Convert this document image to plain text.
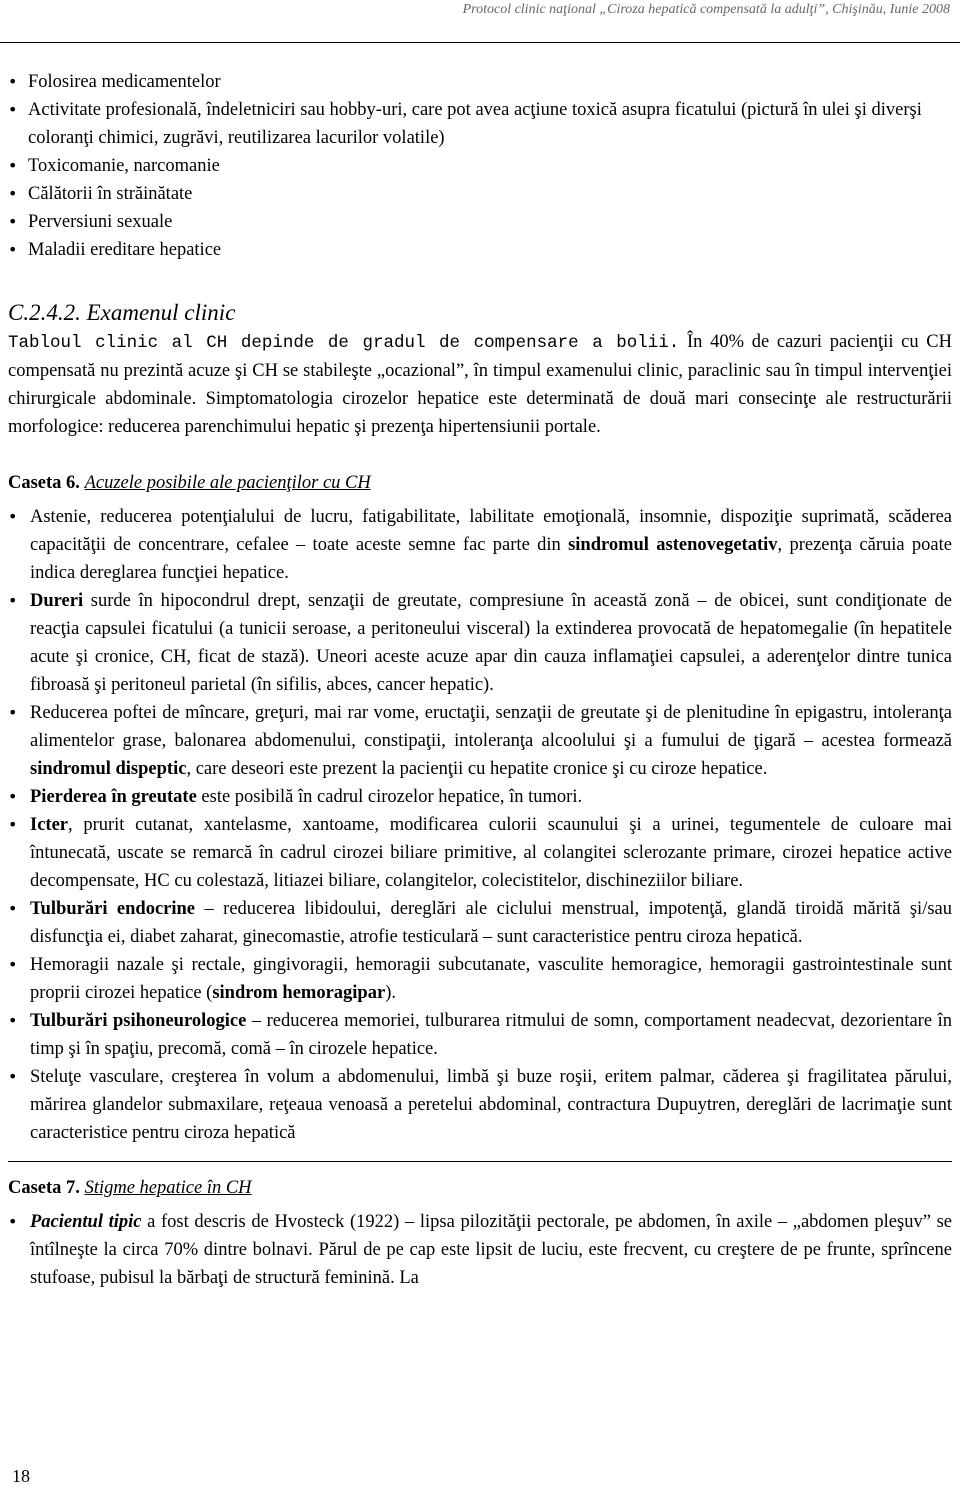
Protocol clinic naţional „Ciroza hepatică compensată la adulţi”, Chişinău, Iunie 2008
• Folosirea medicamentelor
• Activitate profesională, îndeletniciri sau hobby-uri, care pot avea acţiune toxică asupra ficatului (pictură în ulei şi diverşi coloranţi chimici, zugrăvi, reutilizarea lacurilor volatile)
• Toxicomanie, narcomanie
• Călătorii în străinătate
• Perversiuni sexuale
• Maladii ereditare hepatice
C.2.4.2. Examenul clinic

Tabloul clinic al CH depinde de gradul de compensare a bolii. În 40% de cazuri pacienţii cu CH compensată nu prezintă acuze şi CH se stabileşte „ocazional”, în timpul examenului clinic, paraclinic sau în timpul intervenţiei chirurgicale abdominale. Simptomatologia cirozelor hepatice este determinată de două mari consecinţe ale restructurării morfologice: reducerea parenchimului hepatic şi prezenţa hipertensiunii portale.

Caseta 6. Acuzele posibile ale pacienţilor cu CH
• Astenie, reducerea potenţialului de lucru, fatigabilitate, labilitate emoţională, insomnie, dispoziţie suprimată, scăderea capacităţii de concentrare, cefalee – toate aceste semne fac parte din sindromul astenovegetativ, prezenţa căruia poate indica dereglarea funcţiei hepatice.
• Dureri surde în hipocondrul drept, senzaţii de greutate, compresiune în această zonă – de obicei, sunt condiţionate de reacţia capsulei ficatului (a tunicii seroase, a peritoneului visceral) la extinderea provocată de hepatomegalie (în hepatitele acute şi cronice, CH, ficat de stază). Uneori aceste acuze apar din cauza inflamaţiei capsulei, a aderenţelor dintre tunica fibroasă şi peritoneul parietal (în sifilis, abces, cancer hepatic).
• Reducerea poftei de mîncare, greţuri, mai rar vome, eructaţii, senzaţii de greutate şi de plenitudine în epigastru, intoleranţa alimentelor grase, balonarea abdomenului, constipaţii, intoleranţa alcoolului şi a fumului de ţigară – acestea formează sindromul dispeptic, care deseori este prezent la pacienţii cu hepatite cronice şi cu ciroze hepatice.
• Pierderea în greutate este posibilă în cadrul cirozelor hepatice, în tumori.
• Icter, prurit cutanat, xantelasme, xantoame, modificarea culorii scaunului şi a urinei, tegumentele de culoare mai întunecată, uscate se remarcă în cadrul cirozei biliare primitive, al colangitei sclerozante primare, cirozei hepatice active decompensate, HC cu colestază, litiazei biliare, colangitelor, colecistitelor, dischineziilor biliare.
• Tulburări endocrine – reducerea libidoului, dereglări ale ciclului menstrual, impotenţă, glandă tiroidă mărită şi/sau disfuncţia ei, diabet zaharat, ginecomastie, atrofie testiculară – sunt caracteristice pentru ciroza hepatică.
• Hemoragii nazale şi rectale, gingivoragii, hemoragii subcutanate, vasculite hemoragice, hemoragii gastrointestinale sunt proprii cirozei hepatice (sindrom hemoragipar).
• Tulburări psihoneurologice – reducerea memoriei, tulburarea ritmului de somn, comportament neadecvat, dezorientare în timp şi în spaţiu, precomă, comă – în cirozele hepatice.
• Steluţe vasculare, creşterea în volum a abdomenului, limbă şi buze roşii, eritem palmar, căderea şi fragilitatea părului, mărirea glandelor submaxilare, reţeaua venoasă a peretelui abdominal, contractura Dupuytren, dereglări de lacrimaţie sunt caracteristice pentru ciroza hepatică
Caseta 7. Stigme hepatice în CH
• Pacientul tipic a fost descris de Hvosteck (1922) – lipsa pilozităţii pectorale, pe abdomen, în axile – „abdomen pleşuv” se întîlneşte la circa 70% dintre bolnavi. Părul de pe cap este lipsit de luciu, este frecvent, cu creştere de pe frunte, sprîncene stufoase, pubisul la bărbaţi de structură feminină. La
18
